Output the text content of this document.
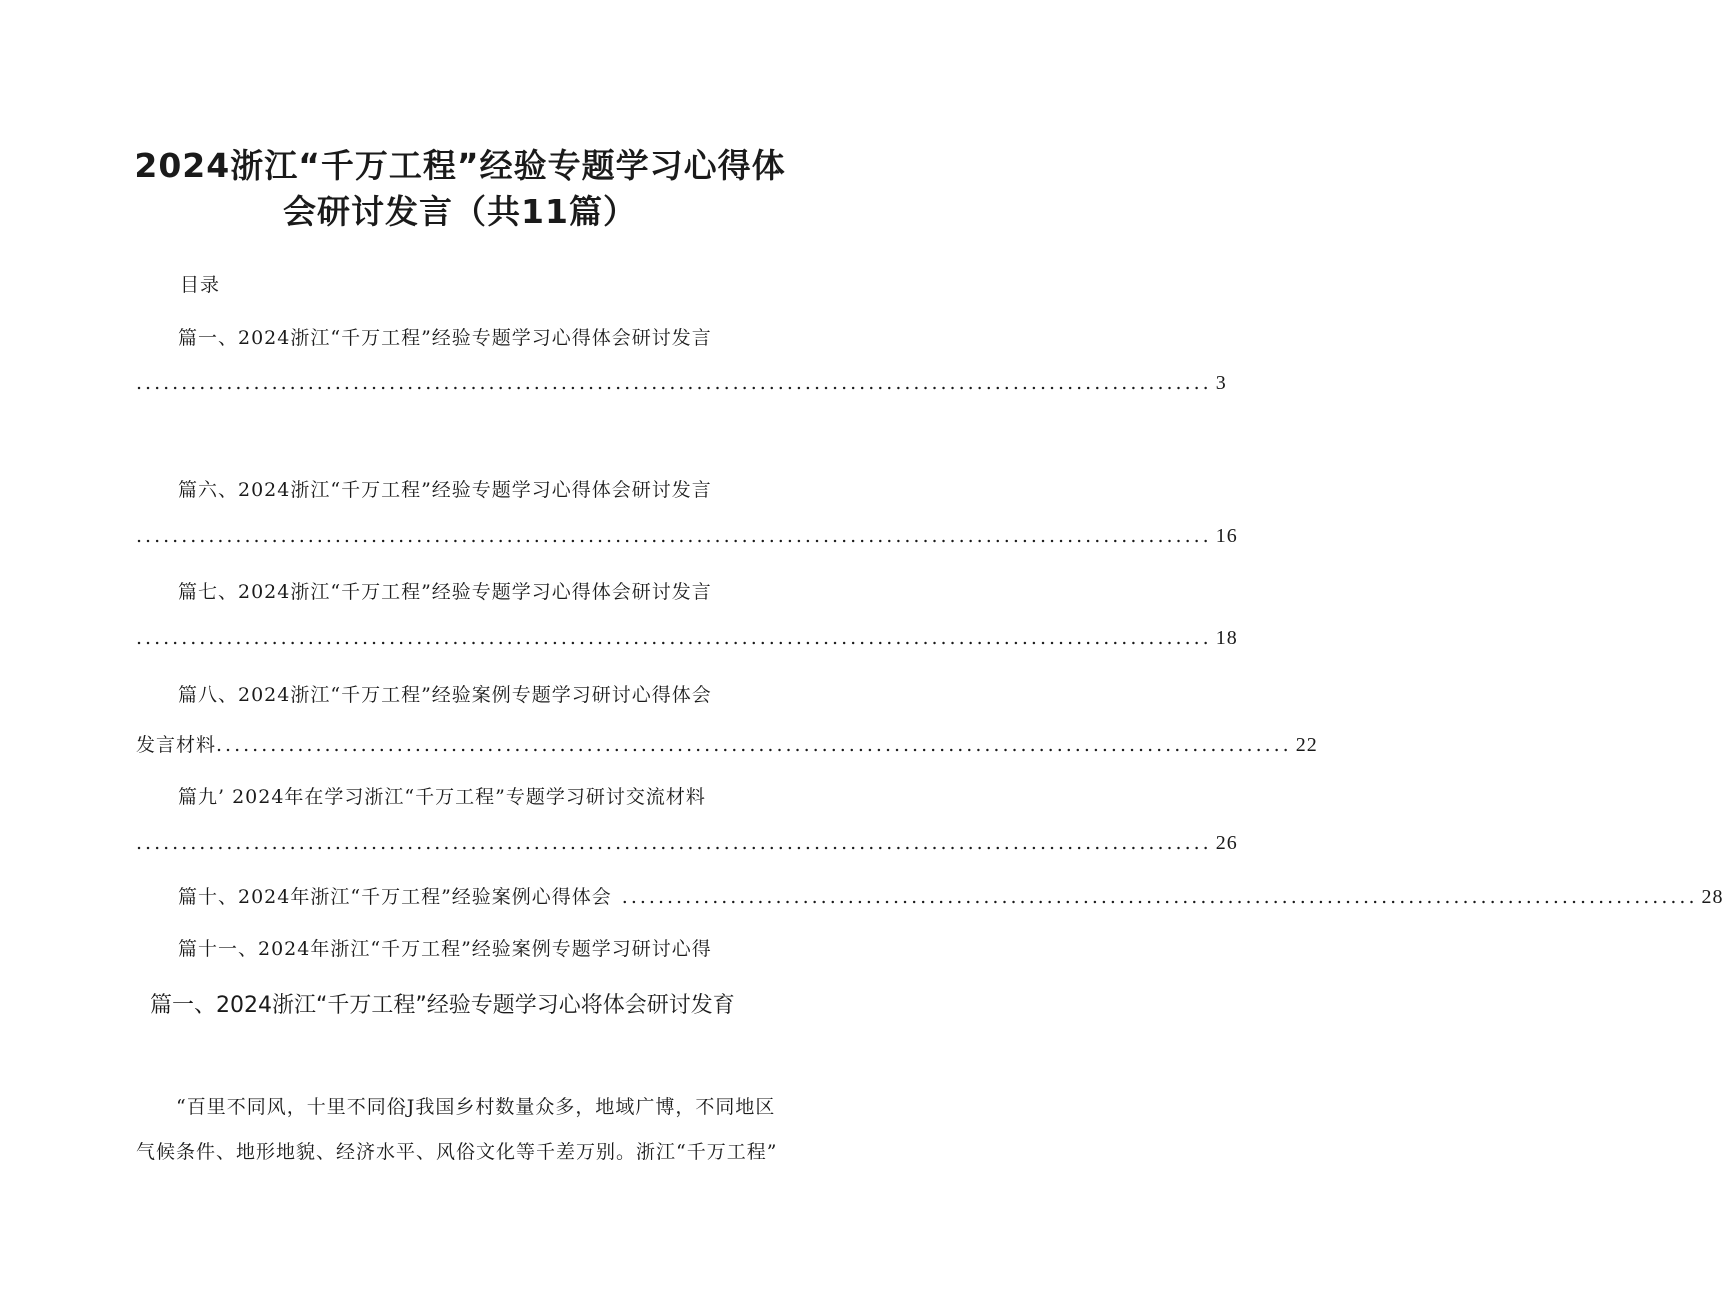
2024浙江“千万工程”经验专题学习心得体
会研讨发言（共11篇）
目录
篇一、2024浙江“千万工程”经验专题学习心得体会研讨发言
....................................................................................................................... 3
篇六、2024浙江“千万工程”经验专题学习心得体会研讨发言
....................................................................................................................... 16
篇七、2024浙江“千万工程”经验专题学习心得体会研讨发言
....................................................................................................................... 18
篇八、2024浙江“千万工程”经验案例专题学习研讨心得体会
发言材料 ....................................................................................................................... 22
篇九’ 2024年在学习浙江“千万工程”专题学习研讨交流材料
....................................................................................................................... 26
篇十、2024年浙江“千万工程”经验案例心得体会 ....................................................................................................................... 28
篇十一、2024年浙江“千万工程”经验案例专题学习研讨心得
篇一、2024浙江“千万工程”经验专题学习心将体会研讨发育
“百里不同风，十里不同俗J我国乡村数量众多，地域广博，不同地区
气候条件、地形地貌、经济水平、风俗文化等千差万别。浙江“千万工程”
